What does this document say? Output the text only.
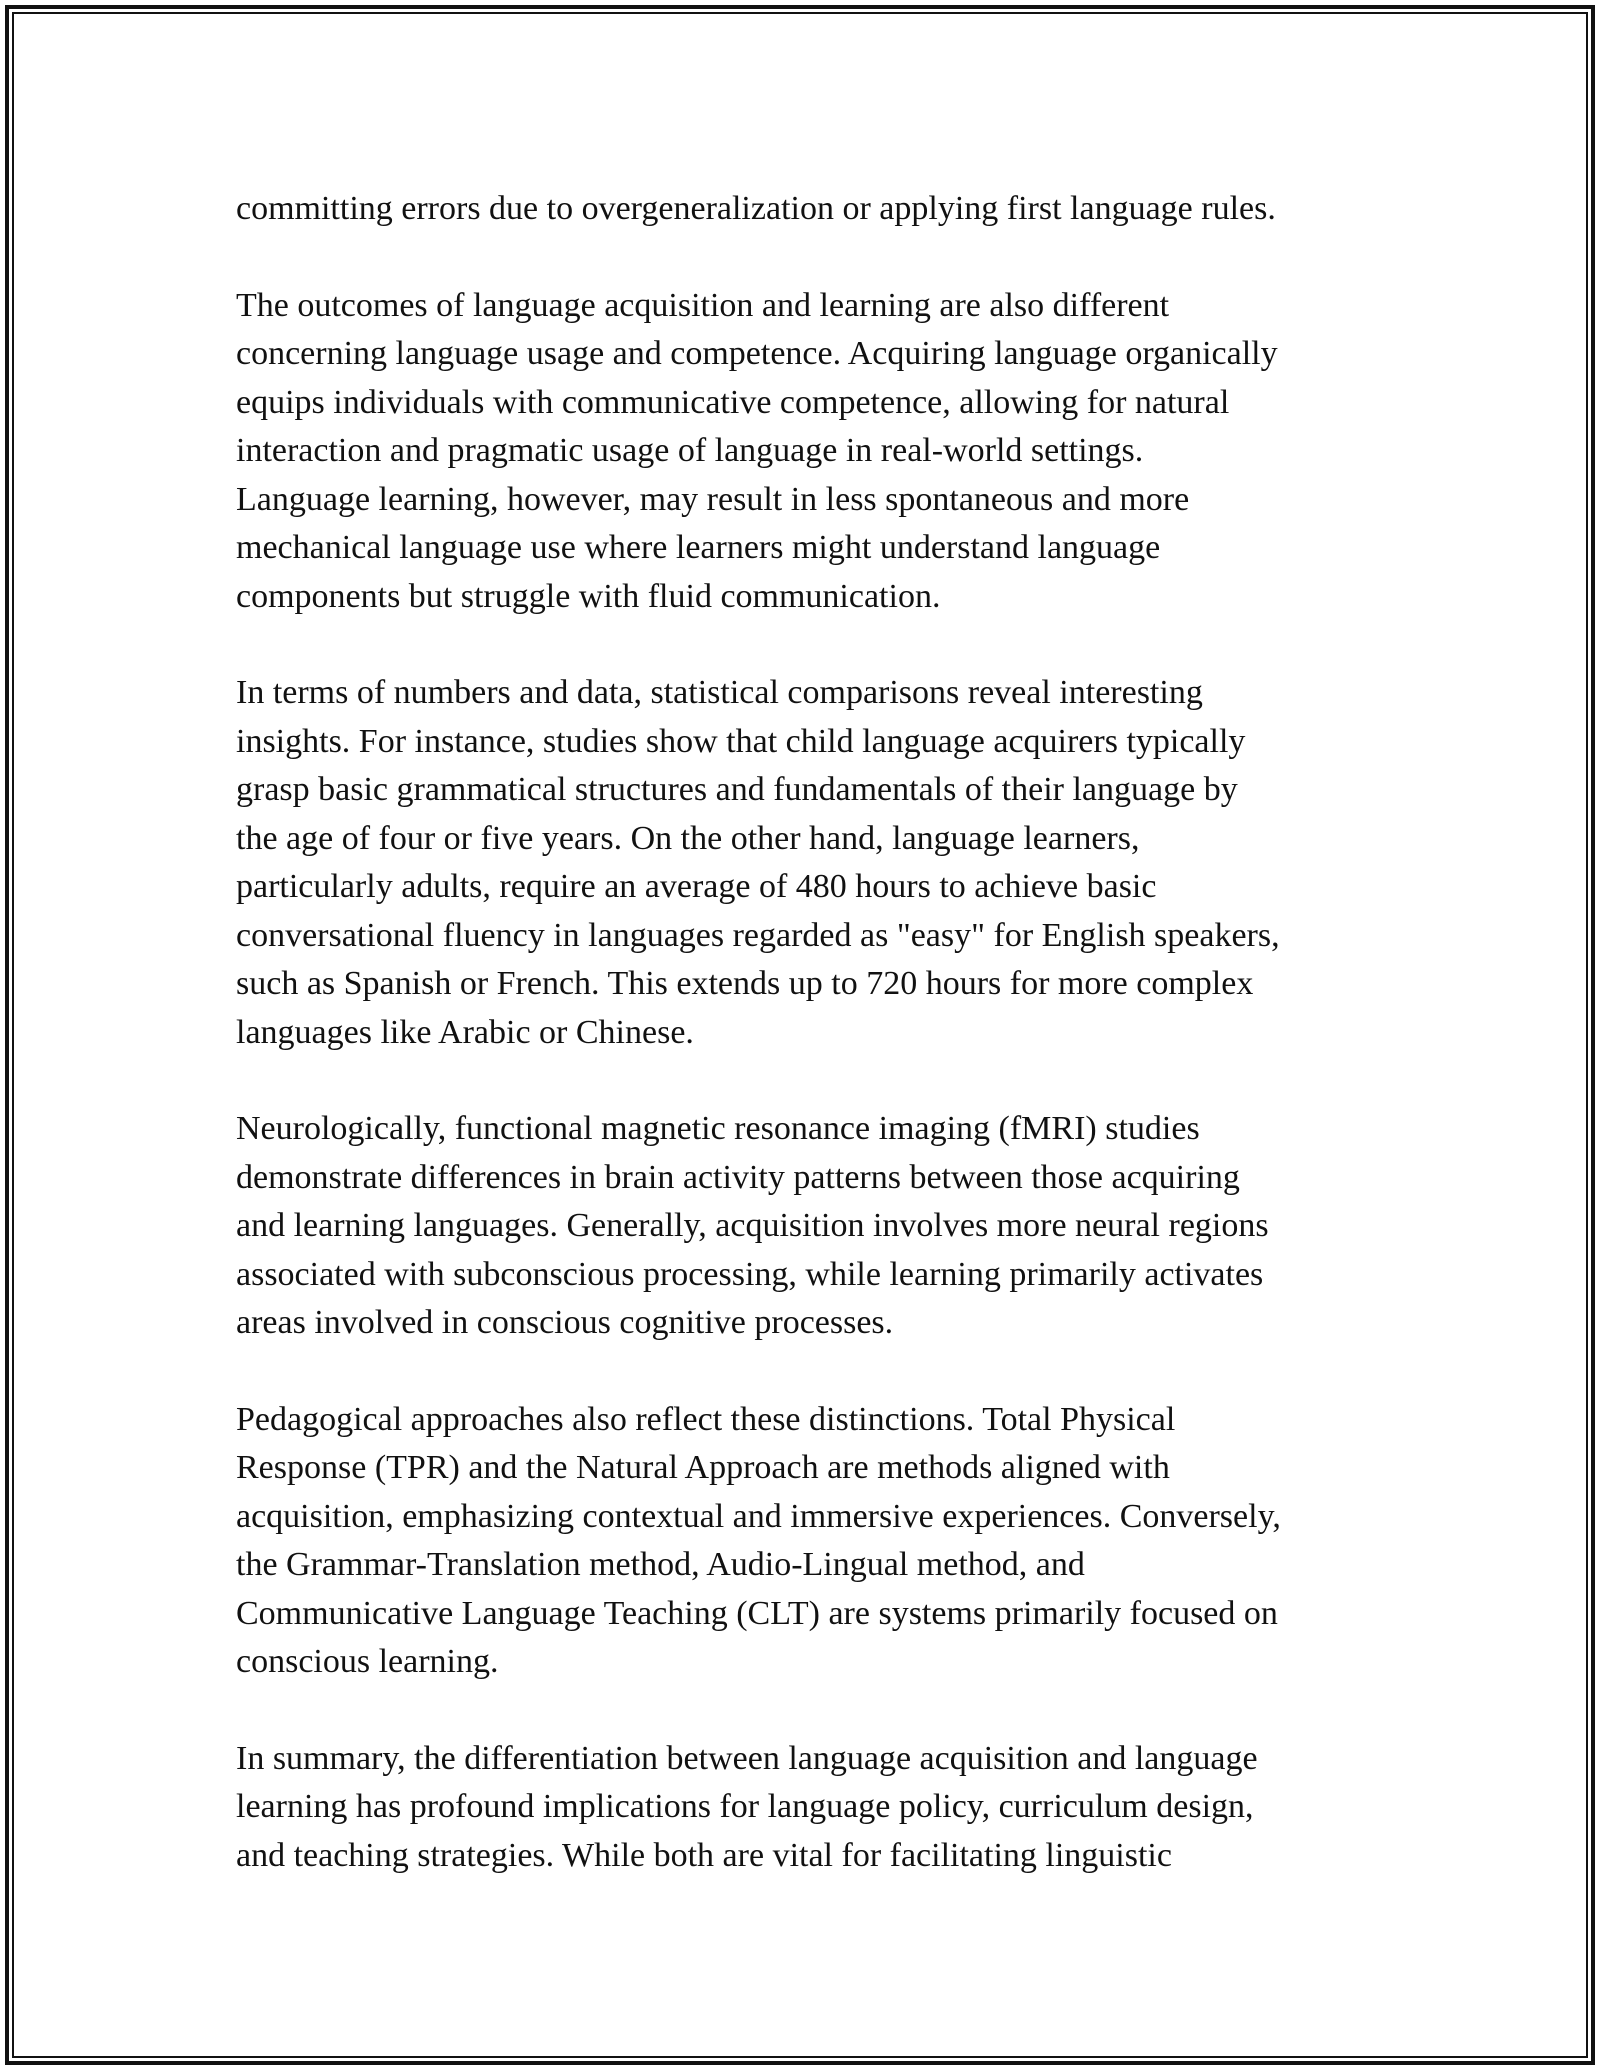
committing errors due to overgeneralization or applying first language rules.

The outcomes of language acquisition and learning are also different
concerning language usage and competence. Acquiring language organically
equips individuals with communicative competence, allowing for natural
interaction and pragmatic usage of language in real-world settings.
Language learning, however, may result in less spontaneous and more
mechanical language use where learners might understand language
components but struggle with fluid communication.

In terms of numbers and data, statistical comparisons reveal interesting
insights. For instance, studies show that child language acquirers typically
grasp basic grammatical structures and fundamentals of their language by
the age of four or five years. On the other hand, language learners,
particularly adults, require an average of 480 hours to achieve basic
conversational fluency in languages regarded as "easy" for English speakers,
such as Spanish or French. This extends up to 720 hours for more complex
languages like Arabic or Chinese.

Neurologically, functional magnetic resonance imaging (fMRI) studies
demonstrate differences in brain activity patterns between those acquiring
and learning languages. Generally, acquisition involves more neural regions
associated with subconscious processing, while learning primarily activates
areas involved in conscious cognitive processes.

Pedagogical approaches also reflect these distinctions. Total Physical
Response (TPR) and the Natural Approach are methods aligned with
acquisition, emphasizing contextual and immersive experiences. Conversely,
the Grammar-Translation method, Audio-Lingual method, and
Communicative Language Teaching (CLT) are systems primarily focused on
conscious learning.

In summary, the differentiation between language acquisition and language
learning has profound implications for language policy, curriculum design,
and teaching strategies. While both are vital for facilitating linguistic
